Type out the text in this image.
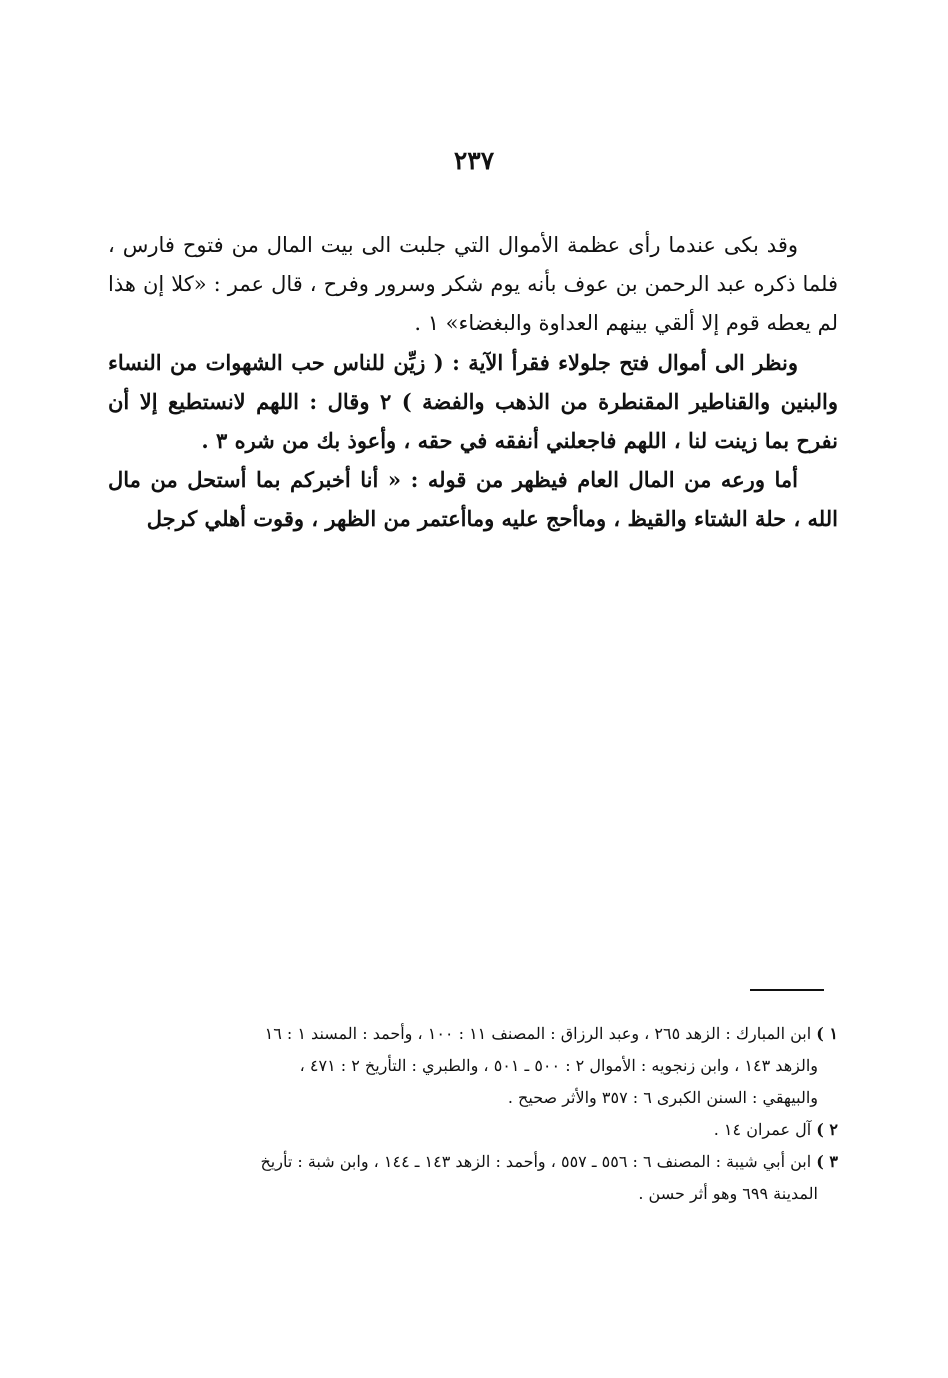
٢٣٧

وقد بكى عندما رأى عظمة الأموال التي جلبت الى بيت المال من فتوح فارس ، فلما ذكره عبد الرحمن بن عوف بأنه يوم شكر وسرور وفرح ، قال عمر : «كلا إن هذا لم يعطه قوم إلا ألقي بينهم العداوة والبغضاء» ١ .

ونظر الى أموال فتح جلولاء فقرأ الآية : ( زيِّن للناس حب الشهوات من النساء والبنين والقناطير المقنطرة من الذهب والفضة ) ٢ وقال : اللهم لانستطيع إلا أن نفرح بما زينت لنا ، اللهم فاجعلني أنفقه في حقه ، وأعوذ بك من شره ٣ .

أما ورعه من المال العام فيظهر من قوله : « أنا أخبركم بما أستحل من مال الله ، حلة الشتاء والقيظ ، وماأحج عليه وماأعتمر من الظهر ، وقوت أهلي كرجل

١ ) ابن المبارك : الزهد ٢٦٥ ، وعبد الرزاق : المصنف ١١ : ١٠٠ ، وأحمد : المسند ١ : ١٦

والزهد ١٤٣ ، وابن زنجويه : الأموال ٢ : ٥٠٠ ـ ٥٠١ ، والطبري : التأريخ ٢ : ٤٧١ ،

والبيهقي : السنن الكبرى ٦ : ٣٥٧ والأثر صحيح .

٢ ) آل عمران ١٤ .

٣ ) ابن أبي شيبة : المصنف ٦ : ٥٥٦ ـ ٥٥٧ ، وأحمد : الزهد ١٤٣ ـ ١٤٤ ، وابن شبة : تأريخ

المدينة ٦٩٩ وهو أثر حسن .
